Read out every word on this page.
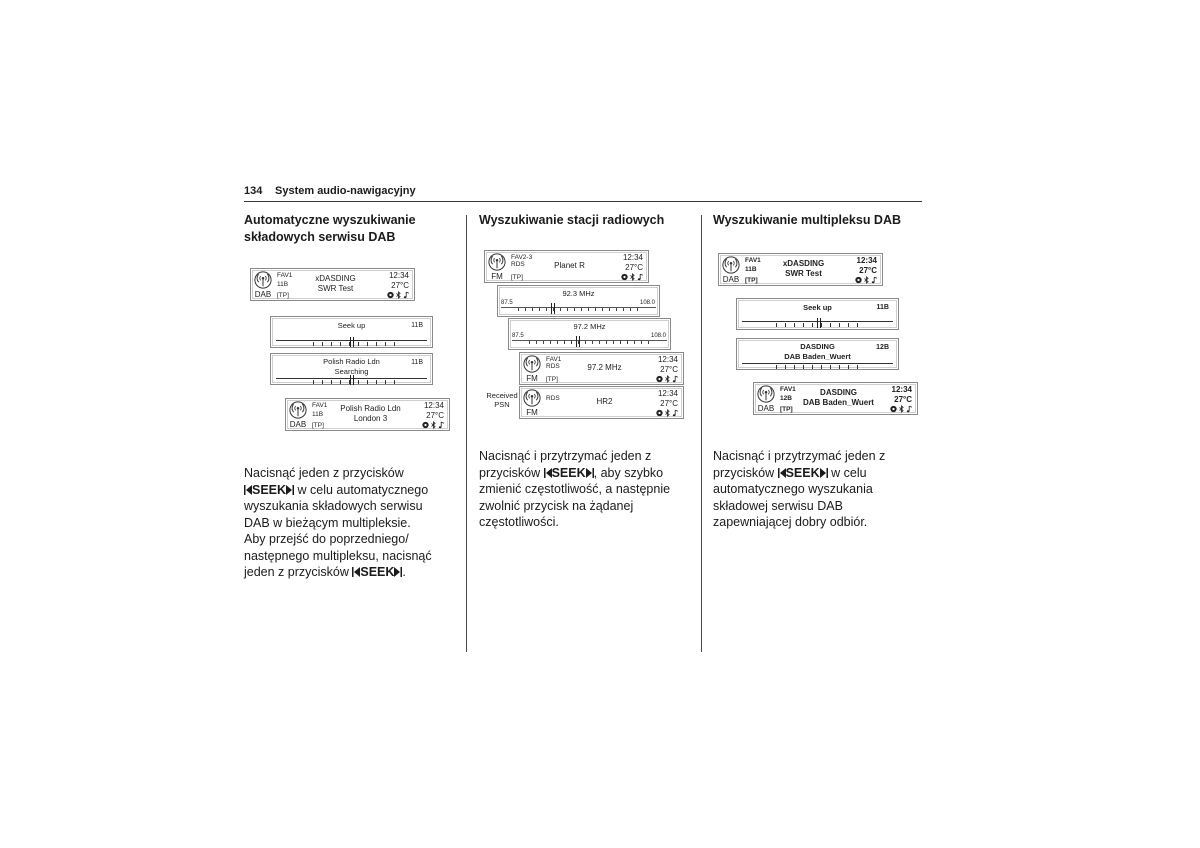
134 System audio-nawigacyjny
Automatyczne wyszukiwanie
składowych serwisu DAB
DAB
FAV1
11B
[TP]
xDASDING
SWR Test
12:34
27°C
Seek up	11B
Polish Radio Ldn
Searching
11B
DAB
FAV1
11B
[TP]
Polish Radio Ldn
London 3
12:34
27°C
Nacisnąć jeden z przycisków
SEEK w celu automatycznego
wyszukania składowych serwisu
DAB w bieżącym multipleksie.
Aby przejść do poprzedniego/
następnego multipleksu, nacisnąć
jeden z przycisków SEEK .
Wyszukiwanie stacji radiowych
FM
FAV2-3
RDS
[TP]
Planet R
12:34
27°C
92.3 MHz
87.5	108.0
97.2 MHz
87.5	108.0
FM
FAV1
RDS
[TP]
97.2 MHz
12:34
27°C
Received
PSN
FM
RDS	HR2
12:34
27°C
Nacisnąć i przytrzymać jeden z
przycisków SEEK , aby szybko
zmienić częstotliwość, a następnie
zwolnić przycisk na żądanej
częstotliwości.
Wyszukiwanie multipleksu DAB
DAB
FAV1
11B
[TP]
xDASDING
SWR Test
12:34
27°C
Seek up	11B
DASDING
DAB Baden_Wuert
12B
DAB
FAV1
12B
[TP]
DASDING
DAB Baden_Wuert
12:34
27°C
Nacisnąć i przytrzymać jeden z
przycisków SEEK w celu
automatycznego wyszukania
składowej serwisu DAB
zapewniającej dobry odbiór.
